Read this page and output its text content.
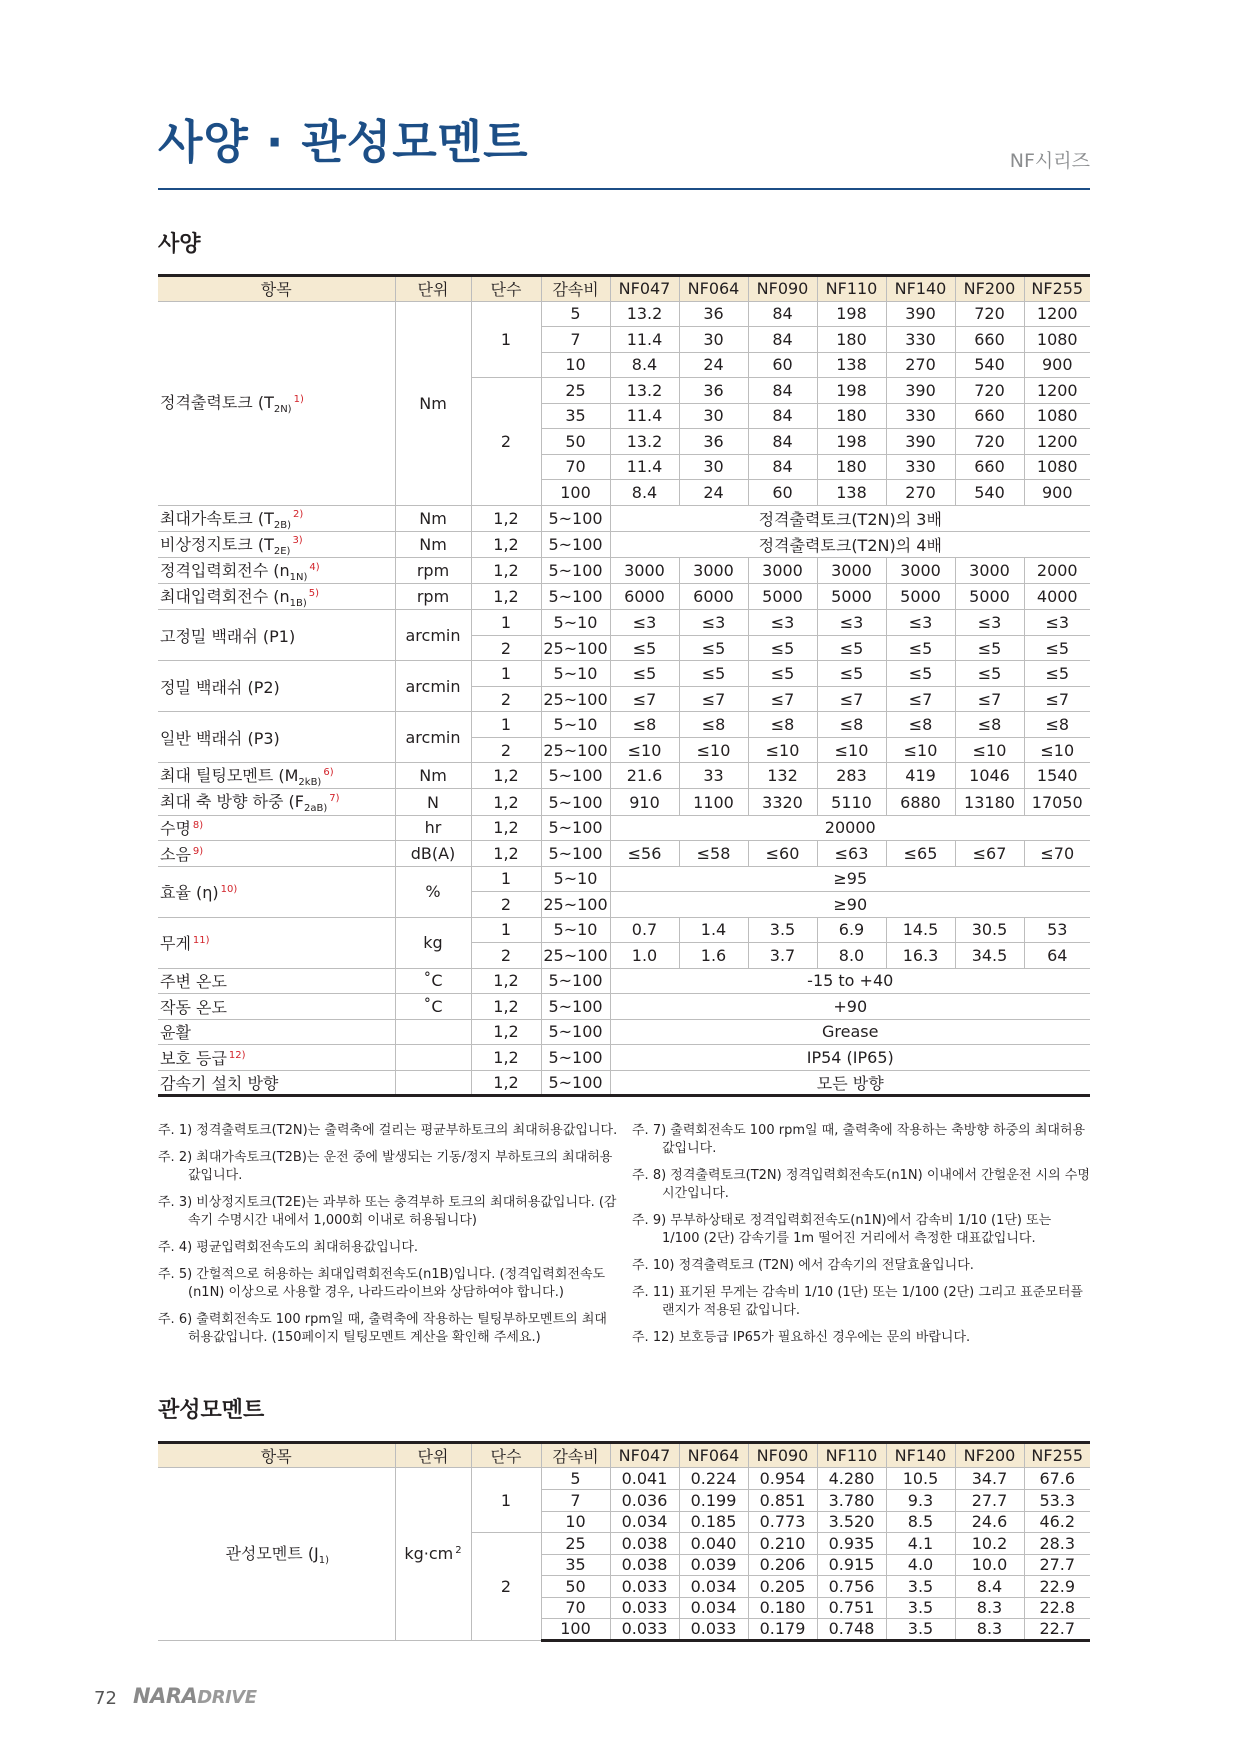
사양 · 관성모멘트	NF시리즈
사양
항목	단위	단수	감속비	NF047	NF064	NF090	NF110	NF140	NF200	NF255
정격출력토크 ($T_{2N)}^{1)}$	Nm	1	5	13.2	36	84	198	390	720	1200
			7	11.4	30	84	180	330	660	1080
			10	8.4	24	60	138	270	540	900
		2	25	13.2	36	84	198	390	720	1200
			35	11.4	30	84	180	330	660	1080
			50	13.2	36	84	198	390	720	1200
			70	11.4	30	84	180	330	660	1080
			100	8.4	24	60	138	270	540	900
최대가속토크 ($T_{2B)}^{2)}$	Nm	1,2	5~100	정격출력토크(T2N)의 3배						
비상정지토크 ($T_{2E)}^{3)}$	Nm	1,2	5~100	정격출력토크(T2N)의 4배						
정격입력회전수 ($n_{1N)}^{4)}$	rpm	1,2	5~100	3000	3000	3000	3000	3000	3000	2000
최대입력회전수 ($n_{1B)}^{5)}$	rpm	1,2	5~100	6000	6000	5000	5000	5000	5000	4000
고정밀 백래쉬 (P1)	arcmin	1	5~10	≤3	≤3	≤3	≤3	≤3	≤3	≤3
		2	25~100	≤5	≤5	≤5	≤5	≤5	≤5	≤5
정밀 백래쉬 (P2)	arcmin	1	5~10	≤5	≤5	≤5	≤5	≤5	≤5	≤5
		2	25~100	≤7	≤7	≤7	≤7	≤7	≤7	≤7
일반 백래쉬 (P3)	arcmin	1	5~10	≤8	≤8	≤8	≤8	≤8	≤8	≤8
		2	25~100	≤10	≤10	≤10	≤10	≤10	≤10	≤10
최대 틸팅모멘트 ($M_{2kB)}^{6)}$	Nm	1,2	5~100	21.6	33	132	283	419	1046	1540
최대 축 방향 하중 ($F_{2aB)}^{7)}$	N	1,2	5~100	910	1100	3320	5110	6880	13180	17050
수명 $^{8)}$	hr	1,2	5~100	20000						
소음 $^{9)}$	dB(A)	1,2	5~100	≤56	≤58	≤60	≤63	≤65	≤67	≤70
효율 (η) $^{10)}$	%	1	5~10	≥95						
		2	25~100	≥90						
무게 $^{11)}$	kg	1	5~10	0.7	1.4	3.5	6.9	14.5	30.5	53
		2	25~100	1.0	1.6	3.7	8.0	16.3	34.5	64
주변 온도	˚C	1,2	5~100	-15 to +40						
작동 온도	˚C	1,2	5~100	+90						
윤활		1,2	5~100	Grease						
보호 등급 $^{12)}$		1,2	5~100	IP54 (IP65)						
감속기 설치 방향		1,2	5~100	모든 방향						

주. 1) 정격출력토크(T2N)는 출력축에 걸리는 평균부하토크의 최대허용값입니다.

주. 2) 최대가속토크(T2B)는 운전 중에 발생되는 기동/정지 부하토크의 최대허용값입니다.

주. 3) 비상정지토크(T2E)는 과부하 또는 충격부하 토크의 최대허용값입니다. (감속기 수명시간 내에서 1,000회 이내로 허용됩니다)

주. 4) 평균입력회전속도의 최대허용값입니다.

주. 5) 간헐적으로 허용하는 최대입력회전속도(n1B)입니다. (정격입력회전속도(n1N) 이상으로 사용할 경우, 나라드라이브와 상담하여야 합니다.)

주. 6) 출력회전속도 100 rpm일 때, 출력축에 작용하는 틸팅부하모멘트의 최대허용값입니다. (150페이지 틸팅모멘트 계산을 확인해 주세요.)

주. 7) 출력회전속도 100 rpm일 때, 출력축에 작용하는 축방향 하중의 최대허용값입니다.

주. 8) 정격출력토크(T2N) 정격입력회전속도(n1N) 이내에서 간헐운전 시의 수명시간입니다.

주. 9) 무부하상태로 정격입력회전속도(n1N)에서 감속비 1/10 (1단) 또는 1/100 (2단) 감속기를 1m 떨어진 거리에서 측정한 대표값입니다.

주. 10) 정격출력토크 (T2N) 에서 감속기의 전달효율입니다.

주. 11) 표기된 무게는 감속비 1/10 (1단) 또는 1/100 (2단) 그리고 표준모터플랜지가 적용된 값입니다.

주. 12) 보호등급 IP65가 필요하신 경우에는 문의 바랍니다.

관성모멘트
항목	단위	단수	감속비	NF047	NF064	NF090	NF110	NF140	NF200	NF255
관성모멘트 ($J_{1)}$	kg·cm $^2$	1	5	0.041	0.224	0.954	4.280	10.5	34.7	67.6
			7	0.036	0.199	0.851	3.780	9.3	27.7	53.3
			10	0.034	0.185	0.773	3.520	8.5	24.6	46.2
		2	25	0.038	0.040	0.210	0.935	4.1	10.2	28.3
			35	0.038	0.039	0.206	0.915	4.0	10.0	27.7
			50	0.033	0.034	0.205	0.756	3.5	8.4	22.9
			70	0.033	0.034	0.180	0.751	3.5	8.3	22.8
			100	0.033	0.033	0.179	0.748	3.5	8.3	22.7
72 NARADRIVE
